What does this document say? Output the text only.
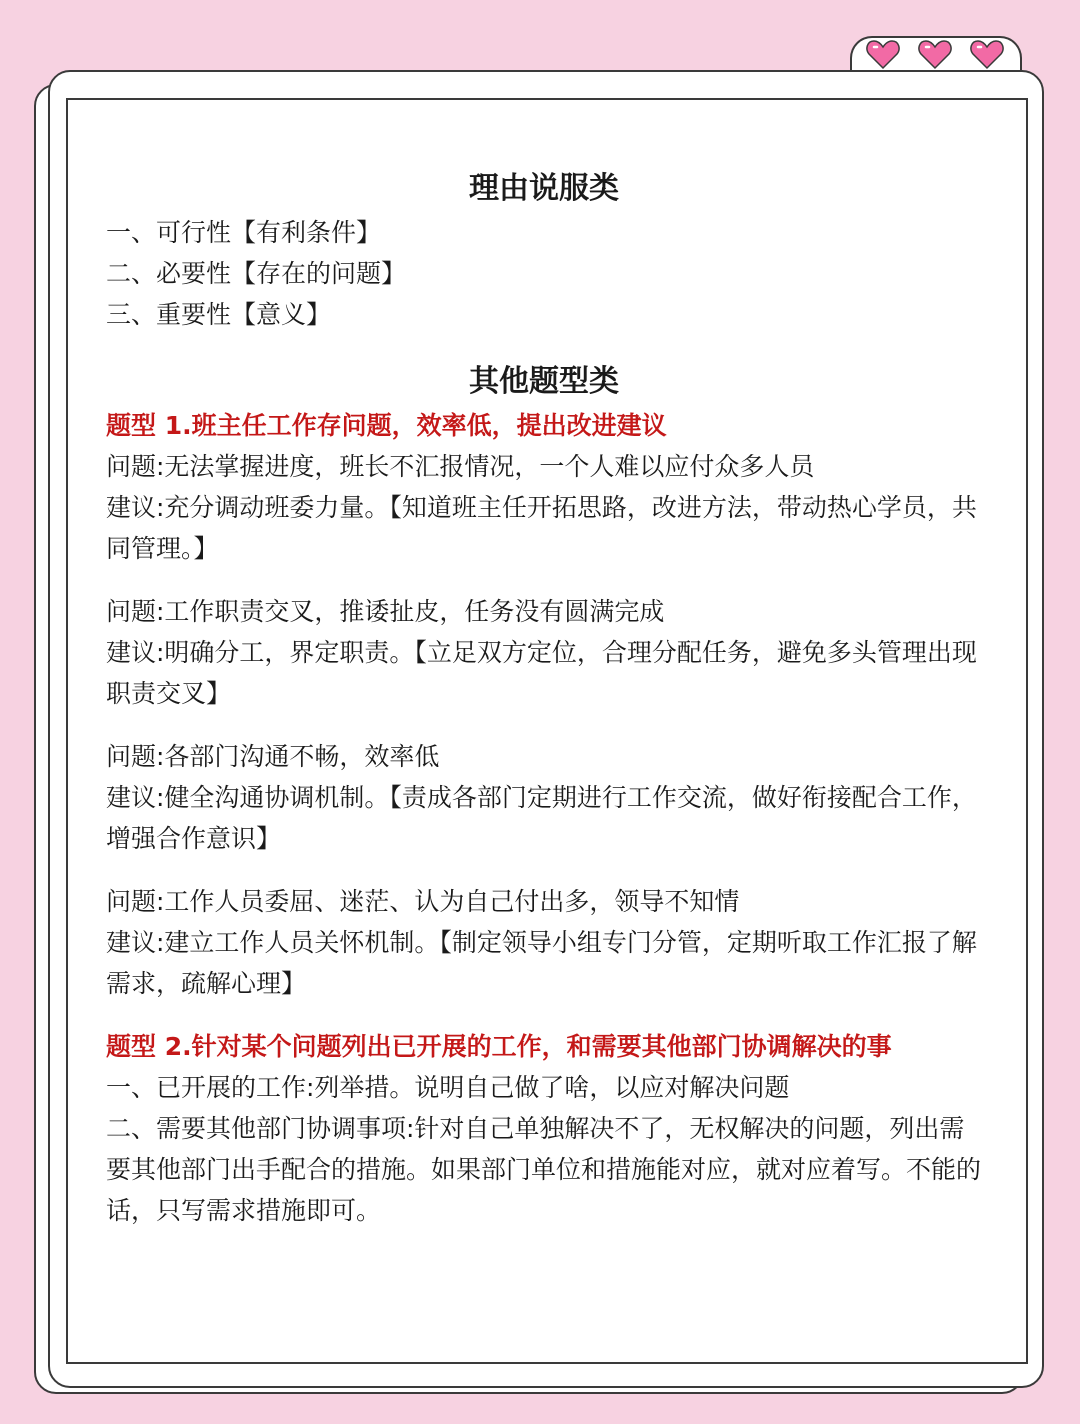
理由说服类

一、可行性【有利条件】

二、必要性【存在的问题】

三、重要性【意义】

其他题型类

题型 1.班主任工作存问题，效率低，提出改进建议

问题:无法掌握进度，班长不汇报情况，一个人难以应付众多人员

建议:充分调动班委力量。【知道班主任开拓思路，改进方法，带动热心学员，共同管理。】

问题:工作职责交叉，推诿扯皮，任务没有圆满完成

建议:明确分工，界定职责。【立足双方定位，合理分配任务，避免多头管理出现职责交叉】

问题:各部门沟通不畅，效率低

建议:健全沟通协调机制。【责成各部门定期进行工作交流，做好衔接配合工作，增强合作意识】

问题:工作人员委屈、迷茫、认为自己付出多，领导不知情

建议:建立工作人员关怀机制。【制定领导小组专门分管，定期听取工作汇报了解需求，疏解心理】

题型 2.针对某个问题列出已开展的工作，和需要其他部门协调解决的事

一、已开展的工作:列举措。说明自己做了啥，以应对解决问题

二、需要其他部门协调事项:针对自己单独解决不了，无权解决的问题，列出需要其他部门出手配合的措施。如果部门单位和措施能对应，就对应着写。不能的话，只写需求措施即可。
